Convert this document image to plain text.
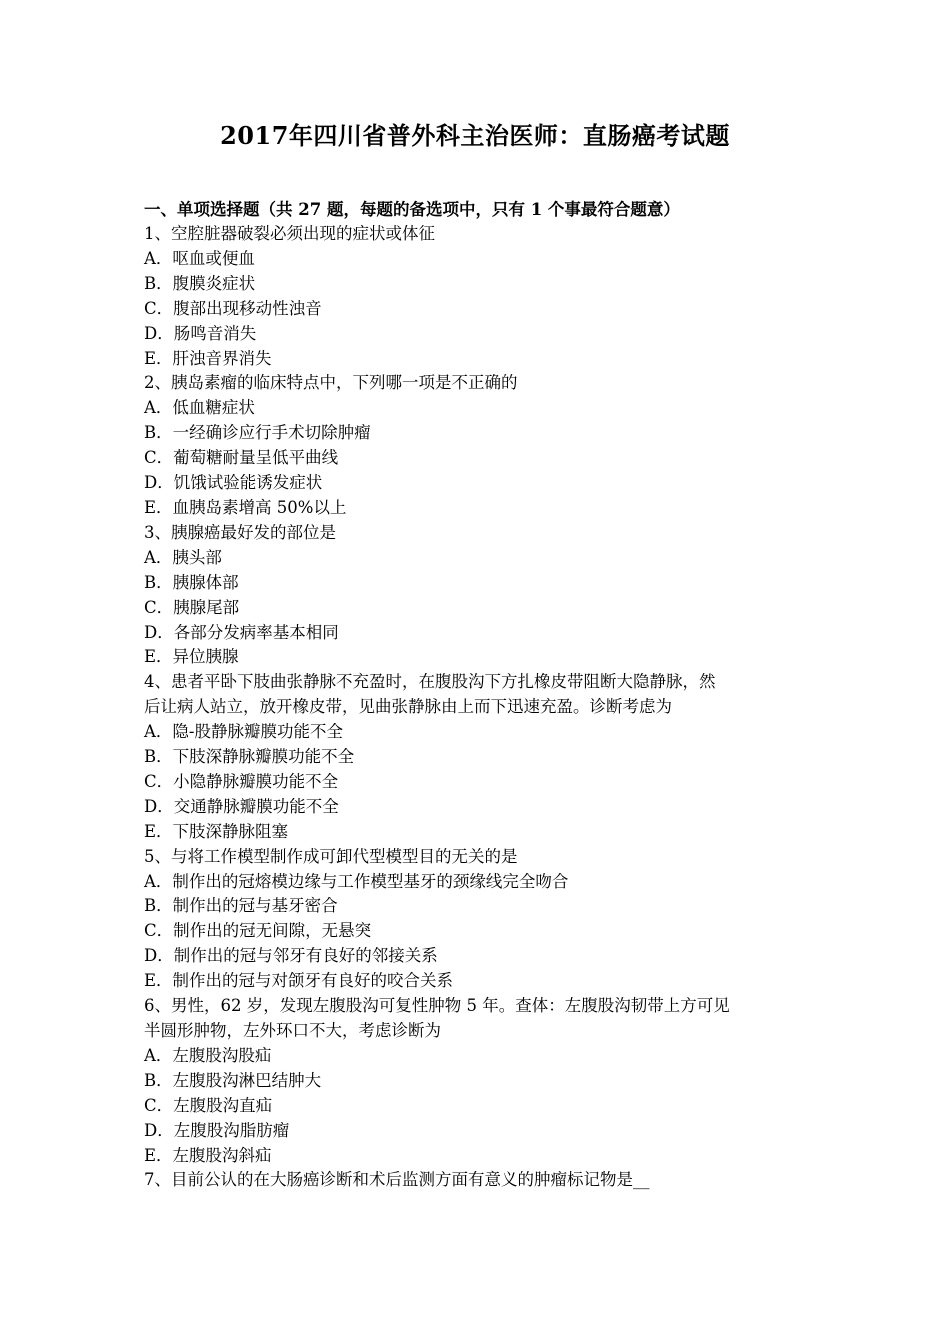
2017年四川省普外科主治医师：直肠癌考试题
一、单项选择题（共 27 题，每题的备选项中，只有 1 个事最符合题意）
1、空腔脏器破裂必须出现的症状或体征
A．呕血或便血
B．腹膜炎症状
C．腹部出现移动性浊音
D．肠鸣音消失
E．肝浊音界消失
2、胰岛素瘤的临床特点中，下列哪一项是不正确的
A．低血糖症状
B．一经确诊应行手术切除肿瘤
C．葡萄糖耐量呈低平曲线
D．饥饿试验能诱发症状
E．血胰岛素增高 50%以上
3、胰腺癌最好发的部位是
A．胰头部
B．胰腺体部
C．胰腺尾部
D．各部分发病率基本相同
E．异位胰腺
4、患者平卧下肢曲张静脉不充盈时，在腹股沟下方扎橡皮带阻断大隐静脉，然
后让病人站立，放开橡皮带，见曲张静脉由上而下迅速充盈。诊断考虑为
A．隐-股静脉瓣膜功能不全
B．下肢深静脉瓣膜功能不全
C．小隐静脉瓣膜功能不全
D．交通静脉瓣膜功能不全
E．下肢深静脉阻塞
5、与将工作模型制作成可卸代型模型目的无关的是
A．制作出的冠熔模边缘与工作模型基牙的颈缘线完全吻合
B．制作出的冠与基牙密合
C．制作出的冠无间隙，无悬突
D．制作出的冠与邻牙有良好的邻接关系
E．制作出的冠与对颌牙有良好的咬合关系
6、男性，62 岁，发现左腹股沟可复性肿物 5 年。查体：左腹股沟韧带上方可见
半圆形肿物，左外环口不大，考虑诊断为
A．左腹股沟股疝
B．左腹股沟淋巴结肿大
C．左腹股沟直疝
D．左腹股沟脂肪瘤
E．左腹股沟斜疝
7、目前公认的在大肠癌诊断和术后监测方面有意义的肿瘤标记物是__
